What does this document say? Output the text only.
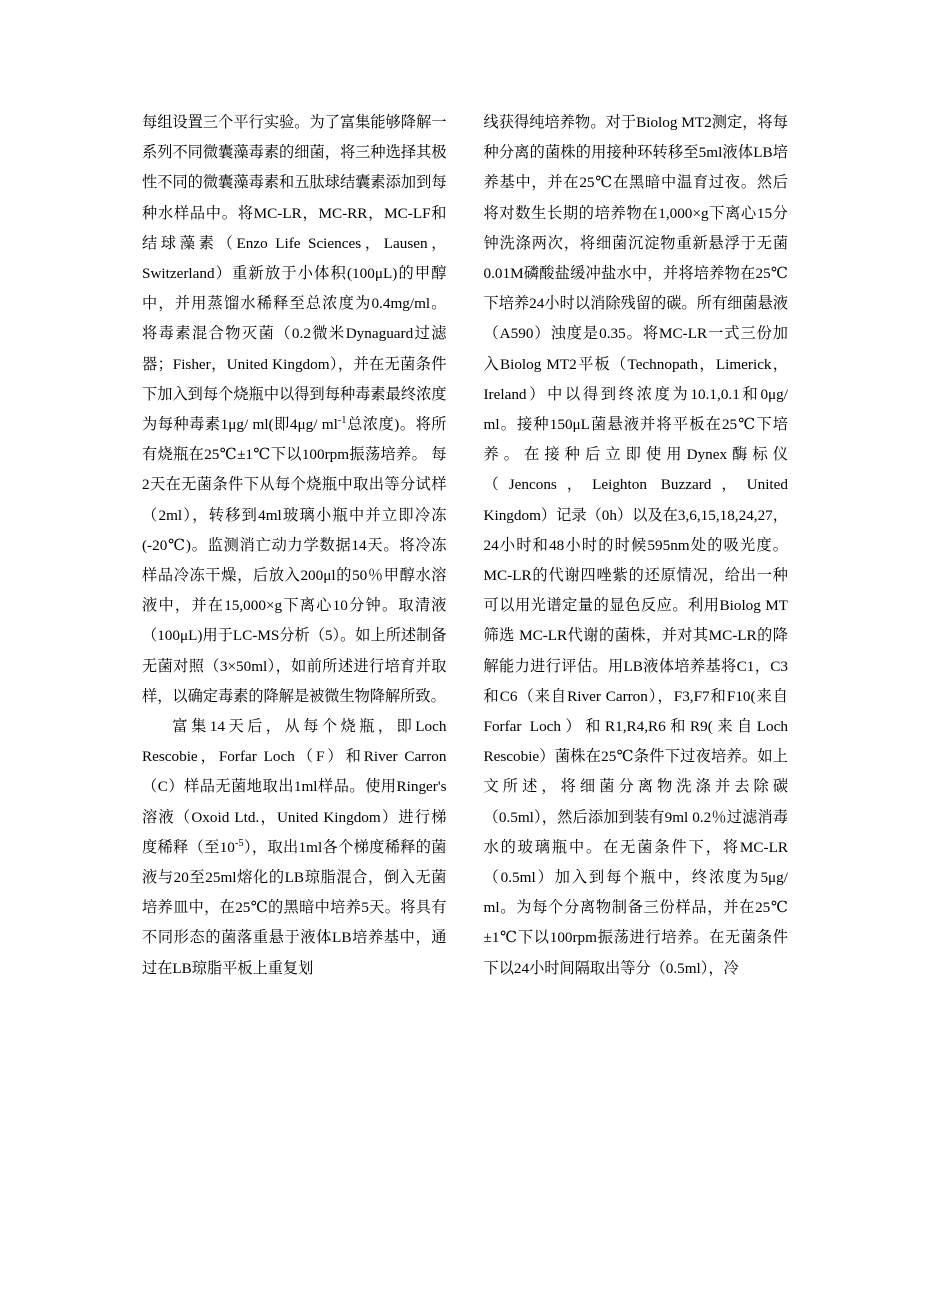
每组设置三个平行实验。为了富集能够降解一系列不同微囊藻毒素的细菌，将三种选择其极性不同的微囊藻毒素和五肽球结囊素添加到每种水样品中。将MC-LR，MC-RR，MC-LF和结球藻素（Enzo Life Sciences，Lausen，Switzerland）重新放于小体积(100μL)的甲醇中，并用蒸馏水稀释至总浓度为0.4mg/ml。 将毒素混合物灭菌（0.2微米Dynaguard过滤器；Fisher，United Kingdom），并在无菌条件下加入到每个烧瓶中以得到每种毒素最终浓度为每种毒素1μg/ ml(即4μg/ $ml^{-1}$总浓度)。将所有烧瓶在25℃±1℃下以100rpm振荡培养。 每2天在无菌条件下从每个烧瓶中取出等分试样（2ml），转移到4ml玻璃小瓶中并立即冷冻(-20℃)。监测消亡动力学数据14天。将冷冻样品冷冻干燥，后放入200μl的50％甲醇水溶液中，并在15,000×g下离心10分钟。取清液（100μL)用于LC-MS分析（5）。如上所述制备无菌对照（3×50ml），如前所述进行培育并取样，以确定毒素的降解是被微生物降解所致。

富集14天后，从每个烧瓶，即Loch Rescobie，Forfar Loch（F）和River Carron（C）样品无菌地取出1ml样品。使用Ringer's溶液（Oxoid Ltd.，United Kingdom）进行梯度稀释（至$10^{-5}$），取出1ml各个梯度稀释的菌液与20至25ml熔化的LB琼脂混合，倒入无菌培养皿中，在25℃的黑暗中培养5天。将具有不同形态的菌落重悬于液体LB培养基中，通过在LB琼脂平板上重复划

线获得纯培养物。对于Biolog MT2测定，将每种分离的菌株的用接种环转移至5ml液体LB培养基中，并在25℃在黑暗中温育过夜。然后将对数生长期的培养物在1,000×g下离心15分钟洗涤两次，将细菌沉淀物重新悬浮于无菌0.01M磷酸盐缓冲盐水中，并将培养物在25℃下培养24小时以消除残留的碳。所有细菌悬液（A590）浊度是0.35。将MC-LR一式三份加入Biolog MT2平板（Technopath，Limerick，Ireland）中以得到终浓度为10.1,0.1和0μg/ ml。接种150μL菌悬液并将平板在25℃下培养。在接种后立即使用Dynex酶标仪（Jencons，Leighton Buzzard，United Kingdom）记录（0h）以及在3,6,15,18,24,27，24小时和48小时的时候595nm处的吸光度。MC-LR的代谢四唑紫的还原情况，给出一种可以用光谱定量的显色反应。利用Biolog MT筛选 MC-LR代谢的菌株，并对其MC-LR的降解能力进行评估。用LB液体培养基将C1，C3和C6（来自River Carron），F3,F7和F10(来自Forfar Loch）和R1,R4,R6和R9(来自Loch Rescobie）菌株在25℃条件下过夜培养。如上文所述，将细菌分离物洗涤并去除碳（0.5ml），然后添加到装有9ml 0.2％过滤消毒水的玻璃瓶中。在无菌条件下，将MC-LR（0.5ml）加入到每个瓶中，终浓度为5μg/ ml。为每个分离物制备三份样品，并在25℃±1℃下以100rpm振荡进行培养。在无菌条件下以24小时间隔取出等分（0.5ml），冷
